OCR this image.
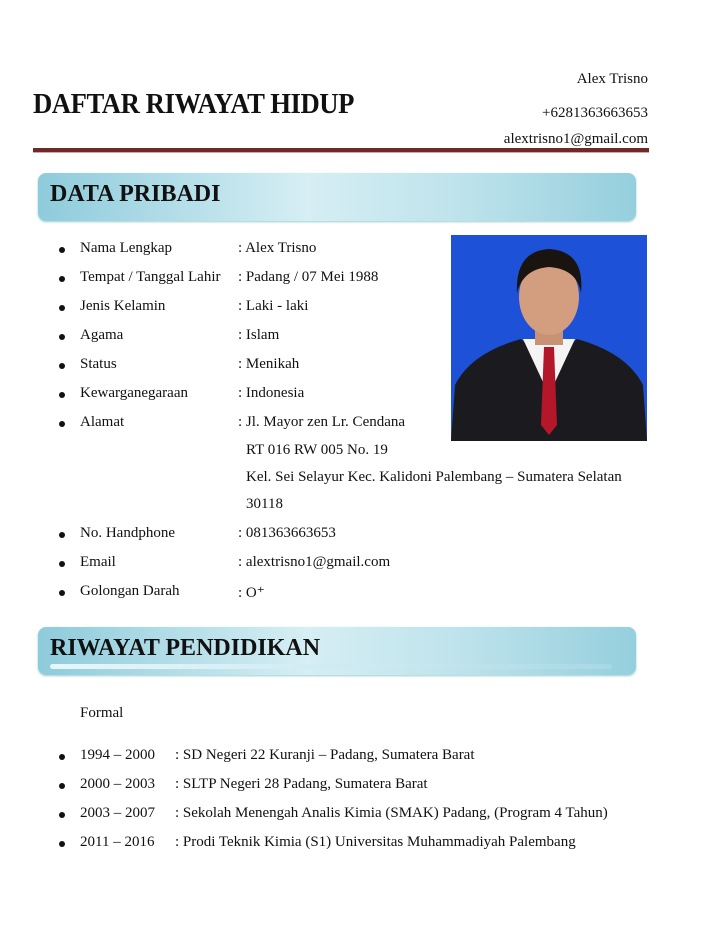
DAFTAR RIWAYAT HIDUP
Alex Trisno
+6281363663653
alextrisno1@gmail.com
DATA PRIBADI
Nama Lengkap	: Alex Trisno
Tempat / Tanggal Lahir : Padang / 07 Mei 1988
Jenis Kelamin	: Laki - laki
Agama	: Islam
Status	: Menikah
Kewarganegaraan	: Indonesia
Alamat	: Jl. Mayor zen Lr. Cendana
RT 016 RW 005 No. 19
Kel. Sei Selayur Kec. Kalidoni Palembang – Sumatera Selatan
30118
No. Handphone	: 081363663653
Email	: alextrisno1@gmail.com
Golongan Darah	: O⁺
1994 – 2000 : SD Negeri 22 Kuranji – Padang, Sumatera Barat
2000 – 2003 : SLTP Negeri 28 Padang, Sumatera Barat
2003 – 2007 : Sekolah Menengah Analis Kimia (SMAK) Padang, (Program 4 Tahun)
2011 – 2016 : Prodi Teknik Kimia (S1) Universitas Muhammadiyah Palembang
RIWAYAT PENDIDIKAN
Formal
